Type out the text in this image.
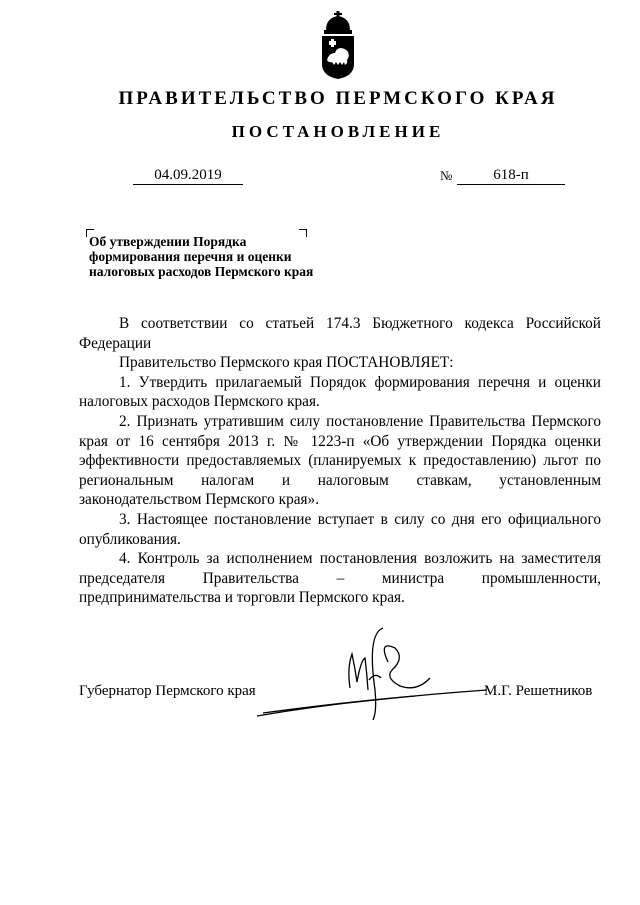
ПРАВИТЕЛЬСТВО ПЕРМСКОГО КРАЯ
ПОСТАНОВЛЕНИЕ
04.09.2019	№	618-п
Об утверждении Порядка
формирования перечня и оценки
налоговых расходов Пермского края

В соответствии со статьей 174.3 Бюджетного кодекса Российской Федерации

Правительство Пермского края ПОСТАНОВЛЯЕТ:

1. Утвердить прилагаемый Порядок формирования перечня и оценки налоговых расходов Пермского края.

2. Признать утратившим силу постановление Правительства Пермского края от 16 сентября 2013 г. № 1223-п «Об утверждении Порядка оценки эффективности предоставляемых (планируемых к предоставлению) льгот по региональным налогам и налоговым ставкам, установленным законодательством Пермского края».

3. Настоящее постановление вступает в силу со дня его официального опубликования.

4. Контроль за исполнением постановления возложить на заместителя председателя Правительства – министра промышленности, предпринимательства и торговли Пермского края.

Губернатор Пермского края	М.Г. Решетников
